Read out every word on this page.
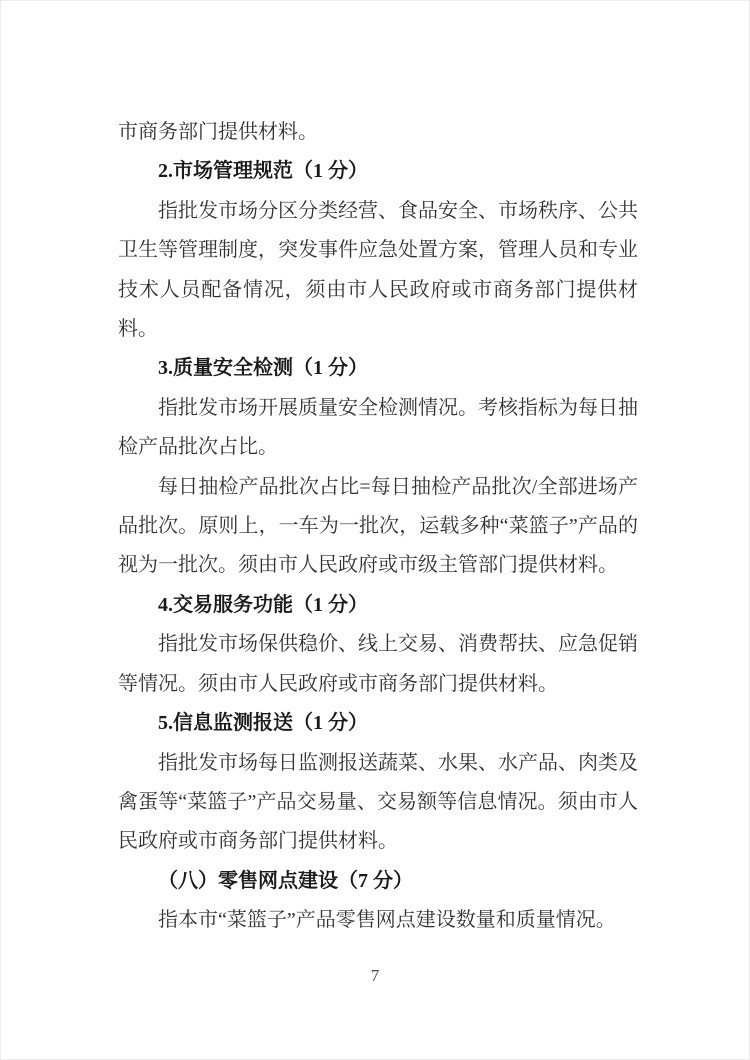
市商务部门提供材料。

2.市场管理规范（1 分）

指批发市场分区分类经营、食品安全、市场秩序、公共卫生等管理制度，突发事件应急处置方案，管理人员和专业技术人员配备情况，须由市人民政府或市商务部门提供材料。

3.质量安全检测（1 分）

指批发市场开展质量安全检测情况。考核指标为每日抽检产品批次占比。

每日抽检产品批次占比=每日抽检产品批次/全部进场产品批次。原则上，一车为一批次，运载多种“菜篮子”产品的视为一批次。须由市人民政府或市级主管部门提供材料。

4.交易服务功能（1 分）

指批发市场保供稳价、线上交易、消费帮扶、应急促销等情况。须由市人民政府或市商务部门提供材料。

5.信息监测报送（1 分）

指批发市场每日监测报送蔬菜、水果、水产品、肉类及禽蛋等“菜篮子”产品交易量、交易额等信息情况。须由市人民政府或市商务部门提供材料。

（八）零售网点建设（7 分）

指本市“菜篮子”产品零售网点建设数量和质量情况。

7
